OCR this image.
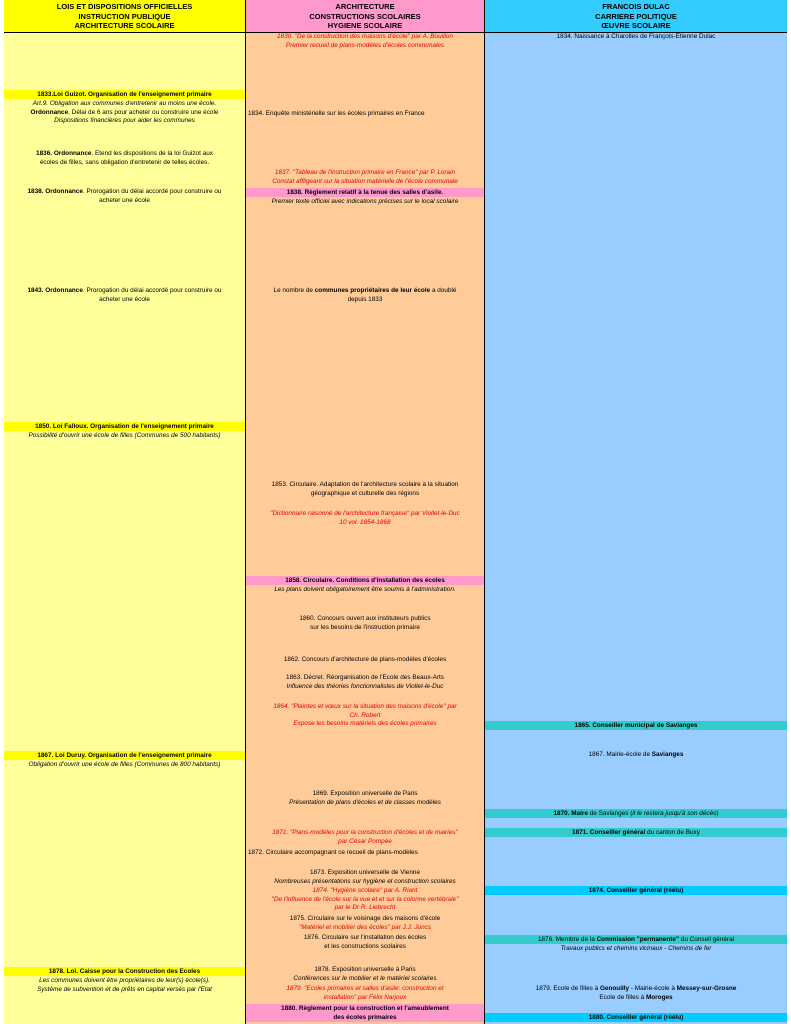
LOIS ET DISPOSITIONS OFFICIELLES
INSTRUCTION PUBLIQUE
ARCHITECTURE SCOLAIRE
ARCHITECTURE
CONSTRUCTIONS SCOLAIRES
HYGIENE SCOLAIRE
FRANCOIS DULAC
CARRIERE POLITIQUE
ŒUVRE SCOLAIRE
1833.Loi Guizot. Organisation de l'enseignement primaire
Art.9. Obligation aux communes d'entretenir au moins une école.
Ordonnance. Délai de 6 ans pour acheter ou construire une école
Dispositions financières pour aider les communes
1836. Ordonnance. Etend les dispositions de la loi Guizot aux
écoles de filles, sans obligation d'entretenir de telles écoles.
1838. Ordonnance. Prorogation du délai accordé pour construire ou
acheter une école
1843. Ordonnance. Prorogation du délai accordé pour construire ou
acheter une école
1850. Loi Falloux. Organisation de l'enseignement primaire
Possibilité d'ouvrir une école de filles (Communes de 500 habitants)
1867. Loi Duruy. Organisation de l'enseignement primaire
Obligation d'ouvrir une école de filles (Communes de 800 habitants)
1878. Loi. Caisse pour la Construction des Ecoles
Les communes doivent être propriétaires de leur(s) école(s).
Système de subvention et de prêts en capital versés par l'Etat
1830. "De la construction des maisons d'école" par A. Bouillon
Premier recueil de plans-modèles d'écoles communales
1834. Enquête ministérielle sur les écoles primaires en France
1837. "Tableau de l'instruction primaire en France" par P. Lorain
Constat affligeant sur la situation matérielle de l'école communale
1838. Règlement relatif à la tenue des salles d'asile.
Premier texte officiel avec indications précises sur le local scolaire
Le nombre de communes propriétaires de leur école a doublé
depuis 1833
1853. Circulaire. Adaptation de l'architecture scolaire à la situation
géographique et culturelle des régions
"Dictionnaire raisonné de l'architecture française" par Viollet-le-Duc
10 vol. 1854-1868
1858. Circulaire. Conditions d'installation des écoles
Les plans doivent obligatoirement être soumis à l'administration.
1860. Concours ouvert aux instituteurs publics
sur les besoins de l'instruction primaire
1862. Concours d'architecture de plans-modèles d'écoles
1863. Décret. Réorganisation de l'Ecole des Beaux-Arts
Influence des théories fonctionnalistes de Viollet-le-Duc
1864. "Plaintes et vœux sur la situation des maisons d'école" par
Ch. Robert
Expose les besoins matériels des écoles primaires
1869. Exposition universelle de Paris
Présentation de plans d'écoles et de classes modèles
1871. "Plans-modèles pour la construction d'écoles et de mairies"
par César Pompée
1872. Circulaire accompagnant ce recueil de plans-modèles
1873. Exposition universelle de Vienne
Nombreuses présentations sur hygiène et construction scolaires
1874. "Hygiène scolaire" par A. Riant
"De l'influence de l'école sur la vue et et sur la colonne vertébrale"
par le Dr R. Liebrecht
1875. Circulaire sur le voisinage des maisons d'école
"Matériel et mobilier des écoles" par J.J. Juncs
1876. Circulaire sur l'installation des écoles
et les constructions scolaires
1878. Exposition universelle à Paris
Conférences sur le mobilier et le matériel scolaires
1879. "Ecoles primaires et salles d'asile: construction et
installation" par Félix Narjoux
1880. Règlement pour la construction et l'ameublement
des écoles primaires
1834. Naissance à Charolles de François-Etienne Dulac
1865. Conseiller municipal de Savianges
1867. Mairie-école de Savianges
1870. Maire de Savianges (il le restera jusqu'à son décès)
1871. Conseiller général du canton de Buxy
1874. Conseiller général (réélu)
1876. Membre de la Commission "permanente" du Conseil général
Travaux publics et chemins vicinaux - Chemins de fer
1879. Ecole de filles à Genouilly - Mairie-école à Messey-sur-Grosne
Ecole de filles à Moroges
1880. Conseiller général (réélu)
